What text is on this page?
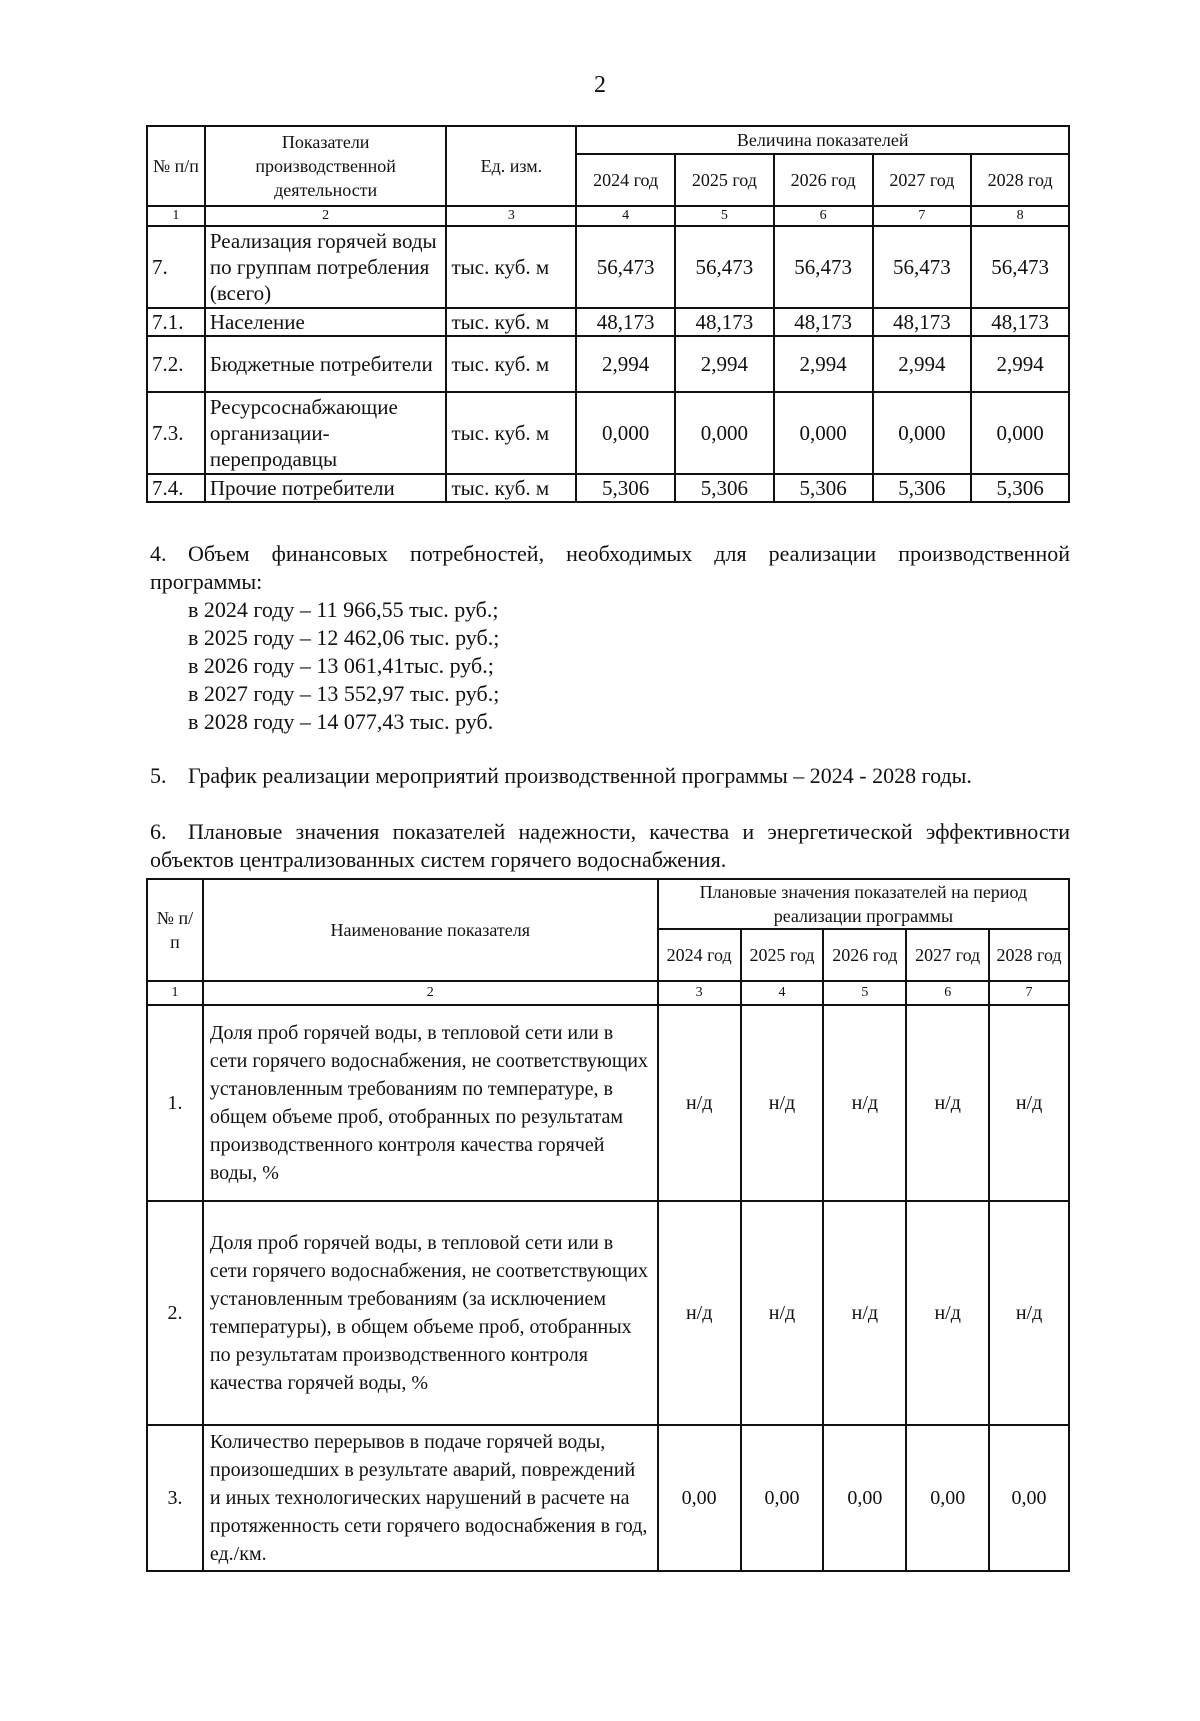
2
№ п/п	Показатели производственной деятельности	Ед. изм.	Величина показателей				
			2024 год	2025 год	2026 год	2027 год	2028 год
1	2	3	4	5	6	7	8
7.	Реализация горячей воды по группам потребления (всего)	тыс. куб. м	56,473	56,473	56,473	56,473	56,473
7.1.	Население	тыс. куб. м	48,173	48,173	48,173	48,173	48,173
7.2.	Бюджетные потребители	тыс. куб. м	2,994	2,994	2,994	2,994	2,994
7.3.	Ресурсоснабжающие организации-перепродавцы	тыс. куб. м	0,000	0,000	0,000	0,000	0,000
7.4.	Прочие потребители	тыс. куб. м	5,306	5,306	5,306	5,306	5,306
4. Объем финансовых потребностей, необходимых для реализации производственной программы:
в 2024 году – 11 966,55 тыс. руб.;
в 2025 году – 12 462,06 тыс. руб.;
в 2026 году – 13 061,41тыс. руб.;
в 2027 году – 13 552,97 тыс. руб.;
в 2028 году – 14 077,43 тыс. руб.
5. График реализации мероприятий производственной программы – 2024 - 2028 годы.
6. Плановые значения показателей надежности, качества и энергетической эффективности объектов централизованных систем горячего водоснабжения.
№ п/п	Наименование показателя	Плановые значения показателей на период реализации программы				
		2024 год	2025 год	2026 год	2027 год	2028 год
1	2	3	4	5	6	7
1.	Доля проб горячей воды, в тепловой сети или в сети горячего водоснабжения, не соответствующих установленным требованиям по температуре, в общем объеме проб, отобранных по результатам производственного контроля качества горячей воды, %	н/д	н/д	н/д	н/д	н/д
2.	Доля проб горячей воды, в тепловой сети или в сети горячего водоснабжения, не соответствующих установленным требованиям (за исключением температуры), в общем объеме проб, отобранных по результатам производственного контроля качества горячей воды, %	н/д	н/д	н/д	н/д	н/д
3.	Количество перерывов в подаче горячей воды, произошедших в результате аварий, повреждений и иных технологических нарушений в расчете на протяженность сети горячего водоснабжения в год, ед./км.	0,00	0,00	0,00	0,00	0,00
